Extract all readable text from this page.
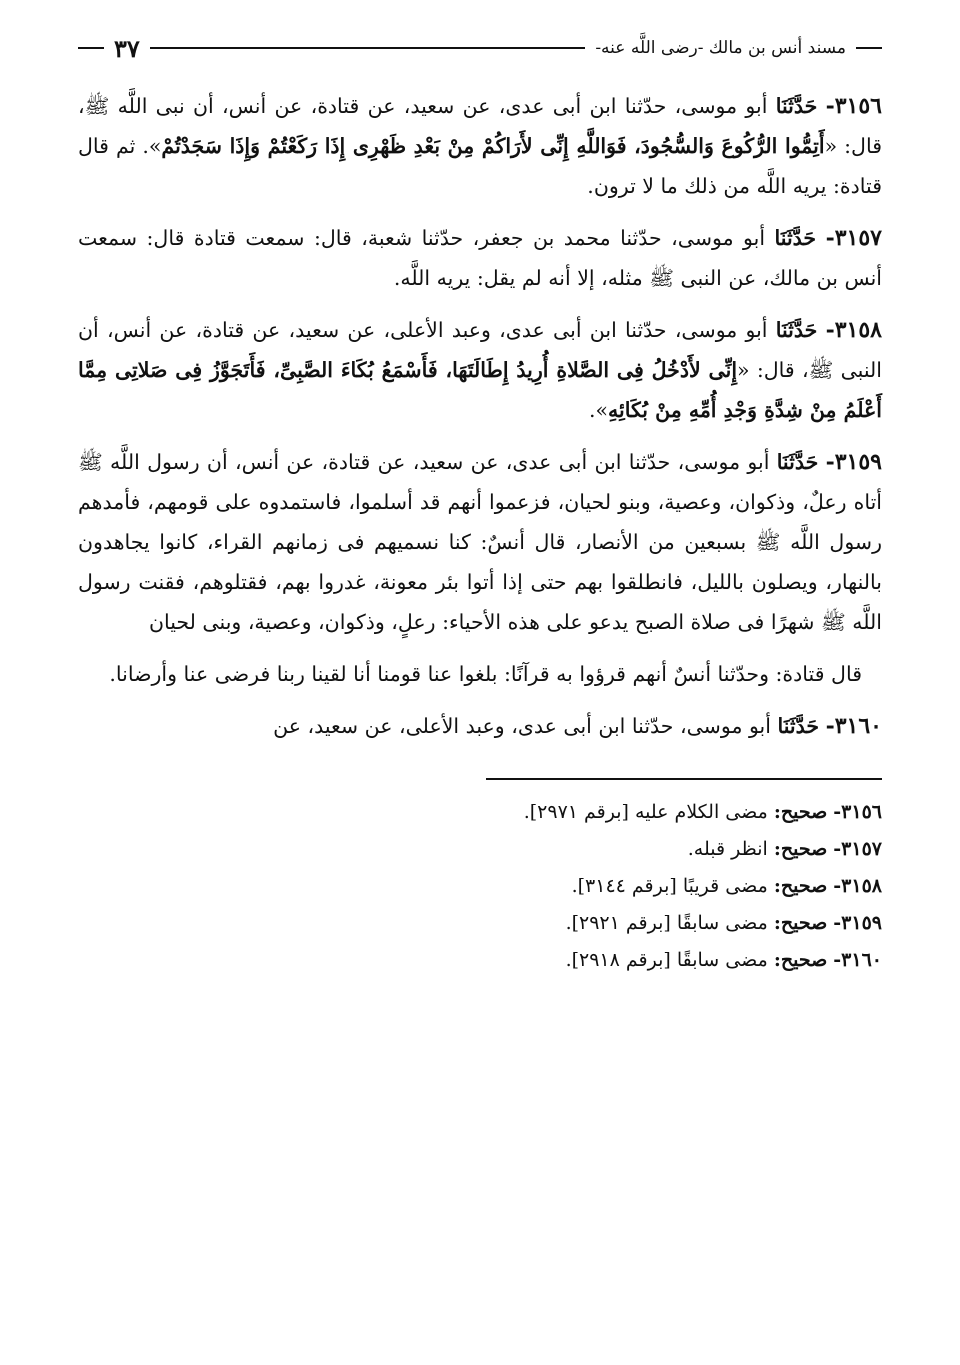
مسند أنس بن مالك -رضى اللَّه عنه-
٣٧

٣١٥٦- حَدَّثَنَا أبو موسى، حدّثنا ابن أبى عدى، عن سعيد، عن قتادة، عن أنس، أن نبى اللَّه ﷺ، قال: «أَتِمُّوا الرُّكُوعَ وَالسُّجُودَ، فَوَاللَّهِ إِنِّى لأَرَاكُمْ مِنْ بَعْدِ ظَهْرِى إِذَا رَكَعْتُمْ وَإِذَا سَجَدْتُمْ». ثم قال قتادة: يريه اللَّه من ذلك ما لا ترون.

٣١٥٧- حَدَّثَنَا أبو موسى، حدّثنا محمد بن جعفر، حدّثنا شعبة، قال: سمعت قتادة قال: سمعت أنس بن مالك، عن النبى ﷺ مثله، إلا أنه لم يقل: يريه اللَّه.

٣١٥٨- حَدَّثَنَا أبو موسى، حدّثنا ابن أبى عدى، وعبد الأعلى، عن سعيد، عن قتادة، عن أنس، أن النبى ﷺ، قال: «إِنِّى لأَدْخُلُ فِى الصَّلاةِ أُرِيدُ إِطَالَتَهَا، فَأَسْمَعُ بُكَاءَ الصَّبِىِّ، فَأَتَجَوَّزُ فِى صَلاتِى مِمَّا أَعْلَمُ مِنْ شِدَّةِ وَجْدِ أُمِّهِ مِنْ بُكَائِهِ».

٣١٥٩- حَدَّثَنَا أبو موسى، حدّثنا ابن أبى عدى، عن سعيد، عن قتادة، عن أنس، أن رسول اللَّه ﷺ أتاه رعلٌ، وذكوان، وعصية، وبنو لحيان، فزعموا أنهم قد أسلموا، فاستمدوه على قومهم، فأمدهم رسول اللَّه ﷺ بسبعين من الأنصار، قال أنسٌ: كنا نسميهم فى زمانهم القراء، كانوا يجاهدون بالنهار، ويصلون بالليل، فانطلقوا بهم حتى إذا أتوا بئر معونة، غدروا بهم، فقتلوهم، فقنت رسول اللَّه ﷺ شهرًا فى صلاة الصبح يدعو على هذه الأحياء: رعلٍ، وذكوان، وعصية، وبنى لحيان

قال قتادة: وحدّثنا أنسٌ أنهم قرؤوا به قرآنًا: بلغوا عنا قومنا أنا لقينا ربنا فرضى عنا وأرضانا.

٣١٦٠- حَدَّثَنَا أبو موسى، حدّثنا ابن أبى عدى، وعبد الأعلى، عن سعيد، عن

٣١٥٦- صحيح: مضى الكلام عليه [برقم ٢٩٧١].
٣١٥٧- صحيح: انظر قبله.
٣١٥٨- صحيح: مضى قريبًا [برقم ٣١٤٤].
٣١٥٩- صحيح: مضى سابقًا [برقم ٢٩٢١].
٣١٦٠- صحيح: مضى سابقًا [برقم ٢٩١٨].
